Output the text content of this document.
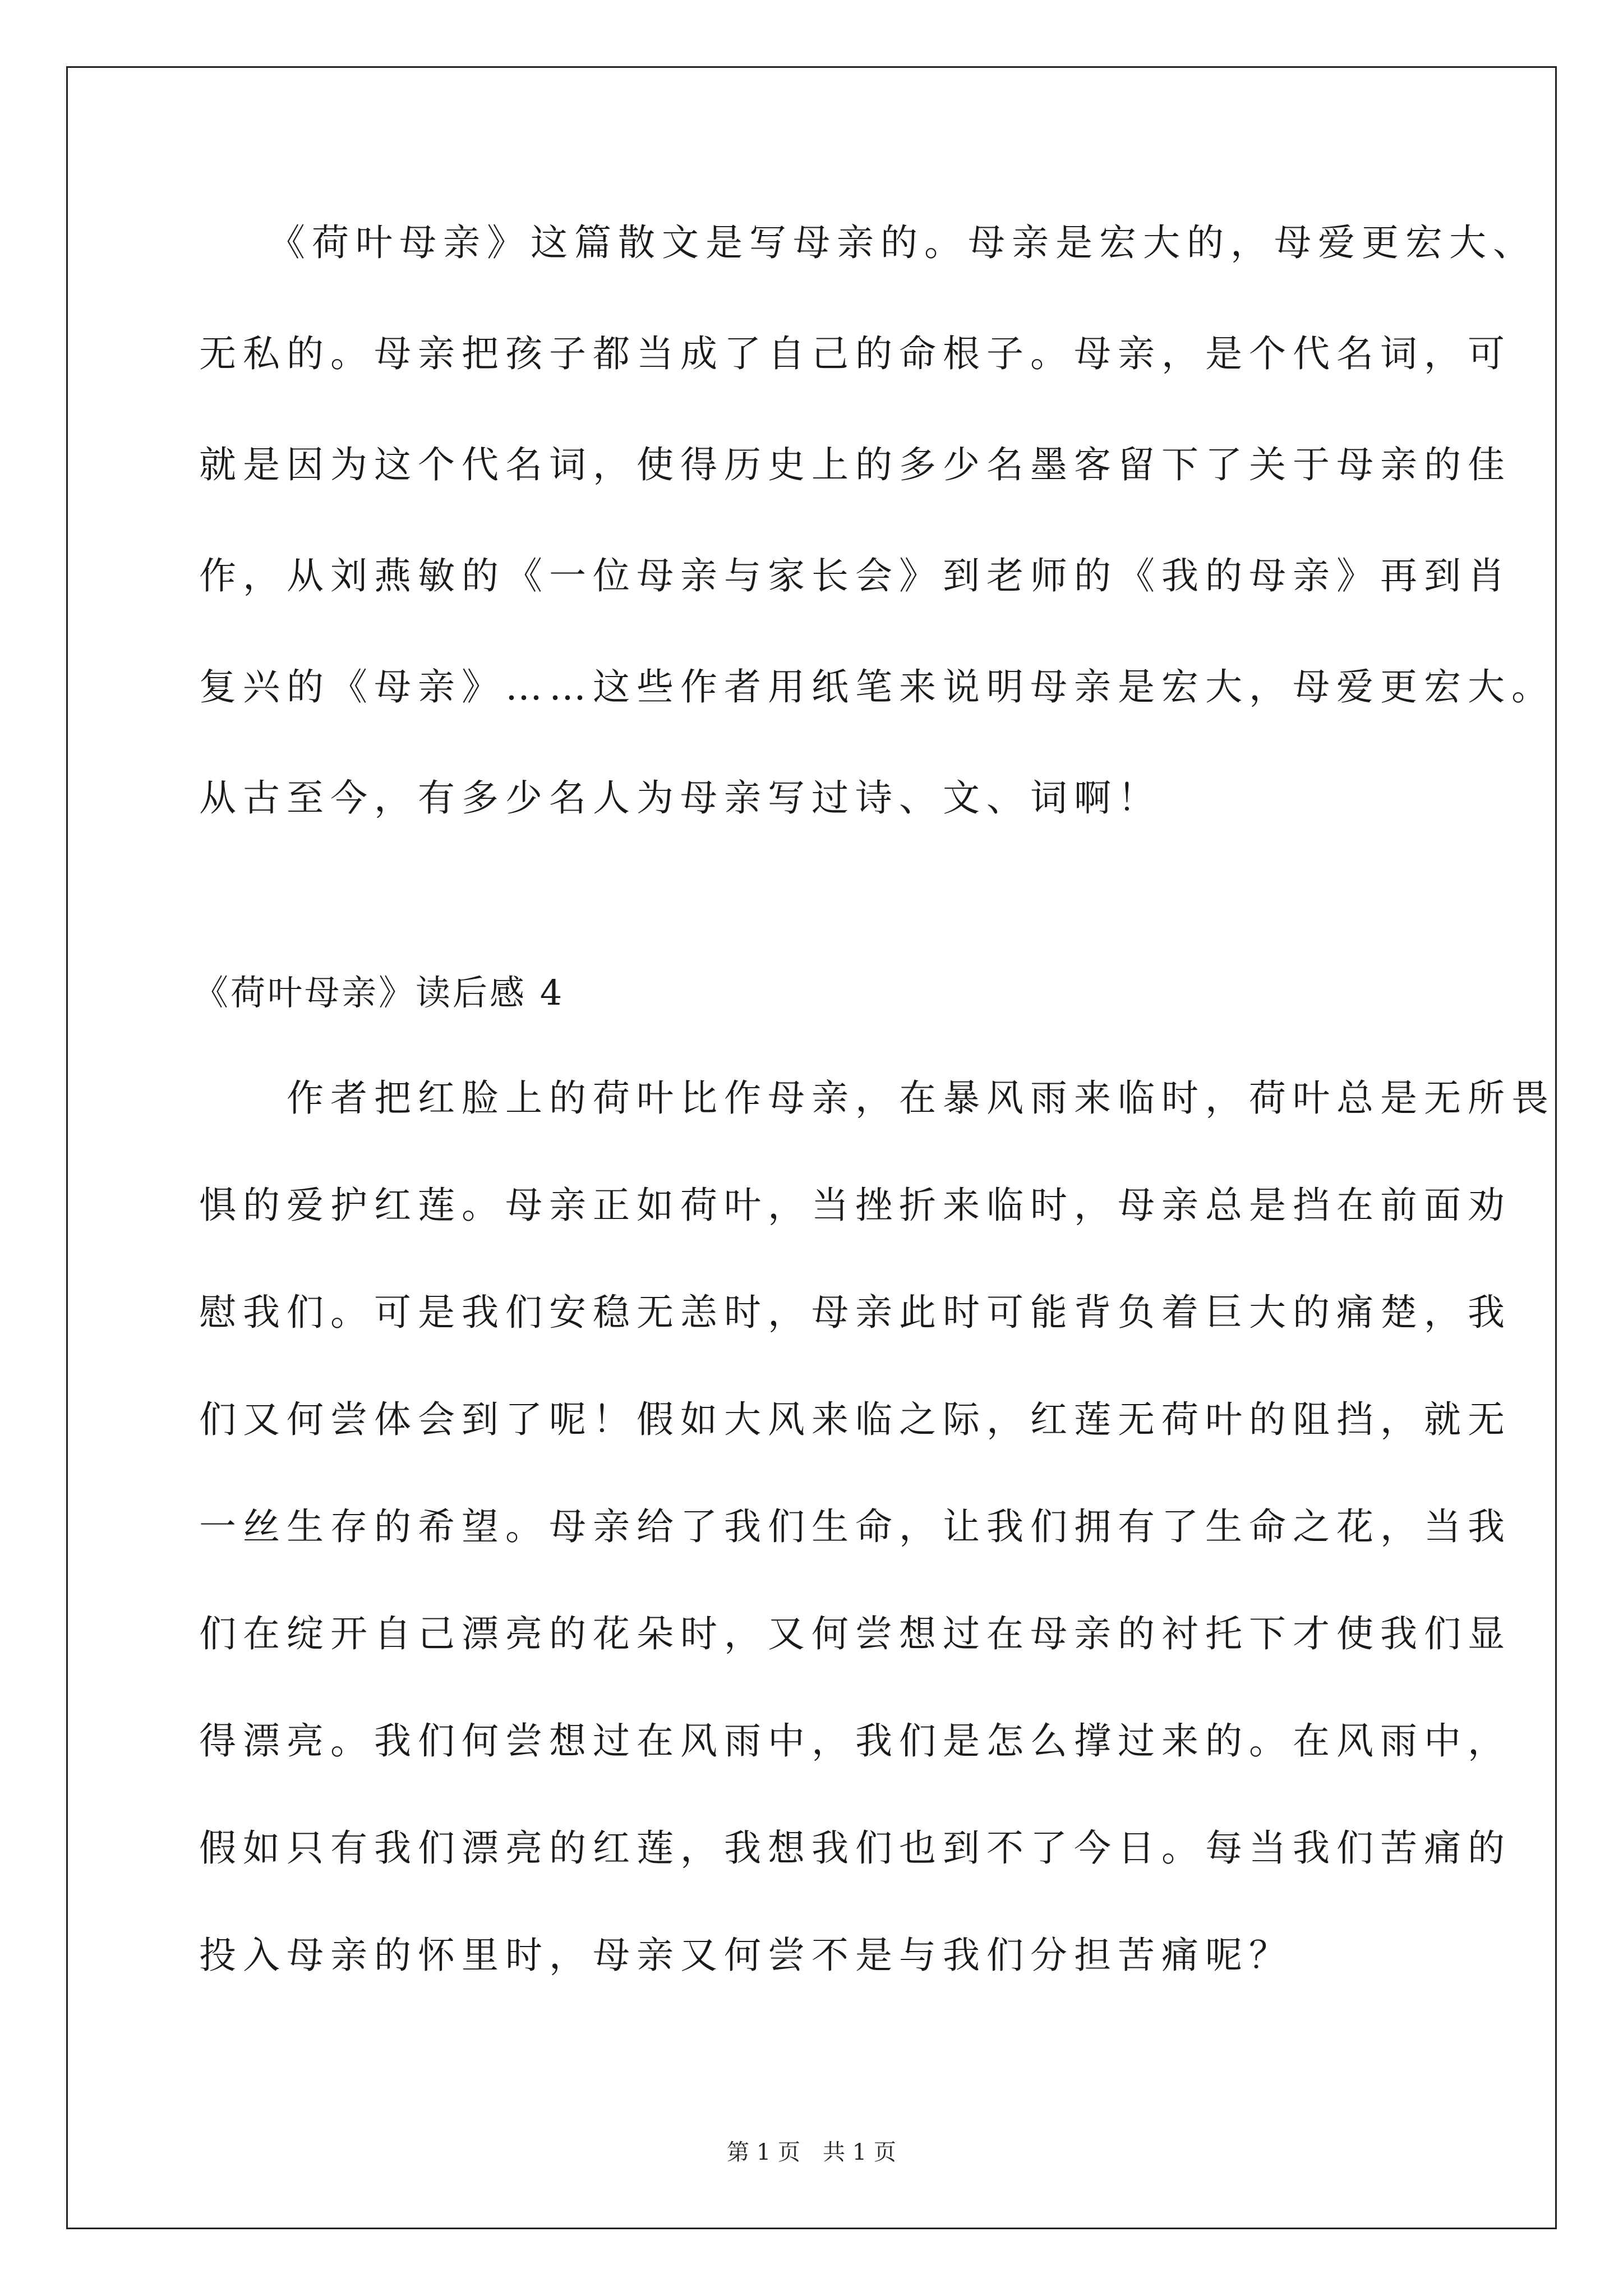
　　《荷叶母亲》这篇散文是写母亲的。母亲是宏大的，母爱更宏大、
无私的。母亲把孩子都当成了自己的命根子。母亲，是个代名词，可
就是因为这个代名词，使得历史上的多少名墨客留下了关于母亲的佳
作，从刘燕敏的《一位母亲与家长会》到老师的《我的母亲》再到肖
复兴的《母亲》……这些作者用纸笔来说明母亲是宏大，母爱更宏大。
从古至今，有多少名人为母亲写过诗、文、词啊！
《荷叶母亲》读后感 4
　　作者把红脸上的荷叶比作母亲，在暴风雨来临时，荷叶总是无所畏
惧的爱护红莲。母亲正如荷叶，当挫折来临时，母亲总是挡在前面劝
慰我们。可是我们安稳无恙时，母亲此时可能背负着巨大的痛楚，我
们又何尝体会到了呢！假如大风来临之际，红莲无荷叶的阻挡，就无
一丝生存的希望。母亲给了我们生命，让我们拥有了生命之花，当我
们在绽开自己漂亮的花朵时，又何尝想过在母亲的衬托下才使我们显
得漂亮。我们何尝想过在风雨中，我们是怎么撑过来的。在风雨中，
假如只有我们漂亮的红莲，我想我们也到不了今日。每当我们苦痛的
投入母亲的怀里时，母亲又何尝不是与我们分担苦痛呢？
第 1 页　共 1 页
